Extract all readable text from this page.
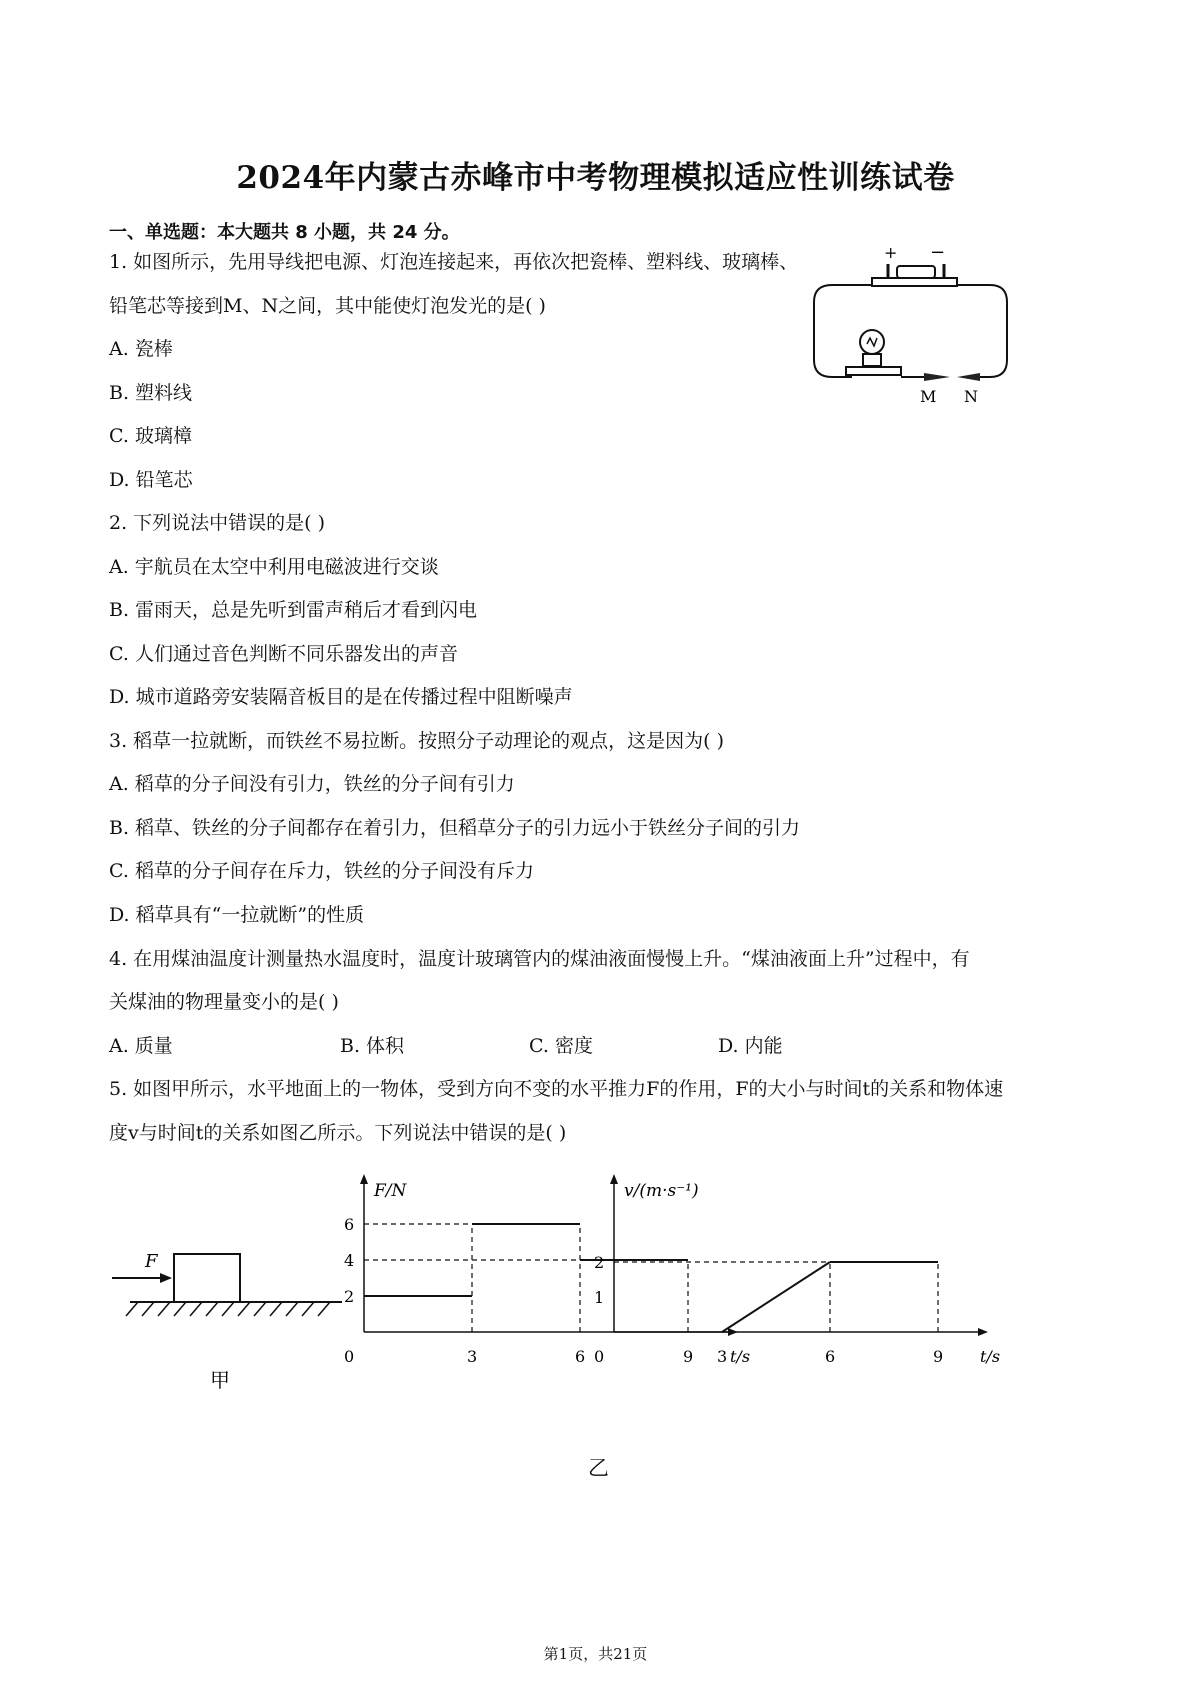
2024年内蒙古赤峰市中考物理模拟适应性训练试卷
一、单选题：本大题共 8 小题，共 24 分。
1. 如图所示，先用导线把电源、灯泡连接起来，再依次把瓷棒、塑料线、玻璃棒、
铅笔芯等接到M、N之间，其中能使灯泡发光的是( )
A. 瓷棒
B. 塑料线
C. 玻璃樟
D. 铅笔芯
+ −
M N
2. 下列说法中错误的是( )
A. 宇航员在太空中利用电磁波进行交谈
B. 雷雨天，总是先听到雷声稍后才看到闪电
C. 人们通过音色判断不同乐器发出的声音
D. 城市道路旁安装隔音板目的是在传播过程中阻断噪声
3. 稻草一拉就断，而铁丝不易拉断。按照分子动理论的观点，这是因为( )
A. 稻草的分子间没有引力，铁丝的分子间有引力
B. 稻草、铁丝的分子间都存在着引力，但稻草分子的引力远小于铁丝分子间的引力
C. 稻草的分子间存在斥力，铁丝的分子间没有斥力
D. 稻草具有“一拉就断”的性质
4. 在用煤油温度计测量热水温度时，温度计玻璃管内的煤油液面慢慢上升。“煤油液面上升”过程中，有
关煤油的物理量变小的是( )
A. 质量	B. 体积	C. 密度	D. 内能
5. 如图甲所示，水平地面上的一物体，受到方向不变的水平推力F的作用，F的大小与时间t的关系和物体速
度v与时间t的关系如图乙所示。下列说法中错误的是( )
F
甲
F/N
t/s
0	3	6	9
2
4
6
v/(m·s⁻¹)
t/s
0	3	6	9
1
2
乙
第1页，共21页
